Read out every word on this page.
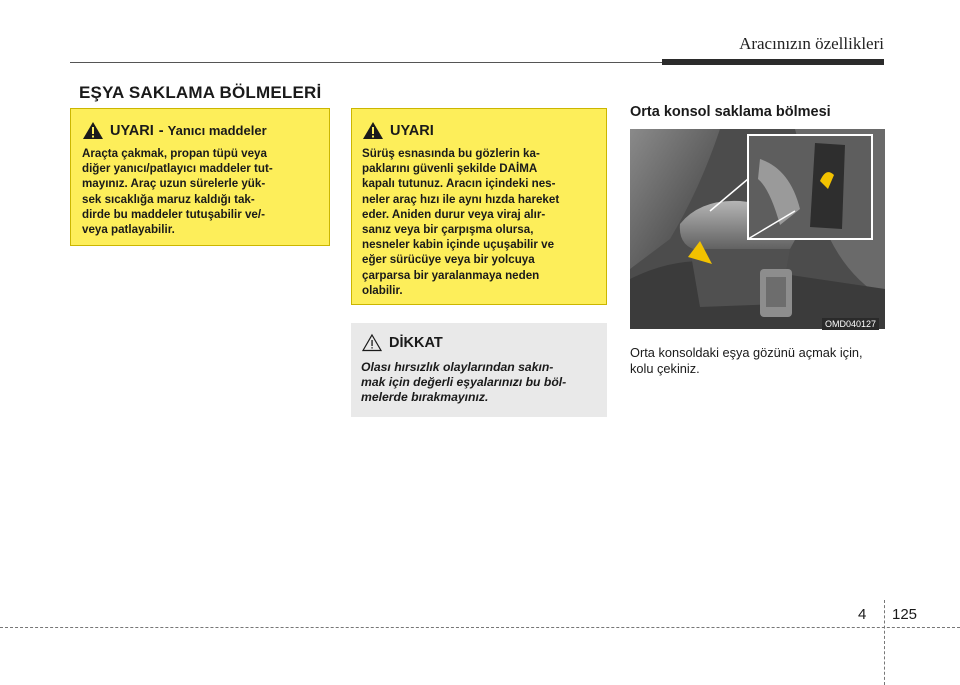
Aracınızın özellikleri
EŞYA SAKLAMA BÖLMELERİ
UYARI - Yanıcı maddeler
Araçta çakmak, propan tüpü veya
diğer yanıcı/patlayıcı maddeler tut-
mayınız. Araç uzun sürelerle yük-
sek sıcaklığa maruz kaldığı tak-
dirde bu maddeler tutuşabilir ve/-
veya patlayabilir.
UYARI
Sürüş esnasında bu gözlerin ka-
paklarını güvenli şekilde DAİMA
kapalı tutunuz. Aracın içindeki nes-
neler araç hızı ile aynı hızda hareket
eder. Aniden durur veya viraj alır-
sanız veya bir çarpışma olursa,
nesneler kabin içinde uçuşabilir ve
eğer sürücüye veya bir yolcuya
çarparsa bir yaralanmaya neden
olabilir.
DİKKAT
Olası hırsızlık olaylarından sakın-
mak için değerli eşyalarınızı bu böl-
melerde bırakmayınız.
Orta konsol saklama bölmesi
OMD040127
Orta konsoldaki eşya gözünü açmak için,
kolu çekiniz.
4 125
